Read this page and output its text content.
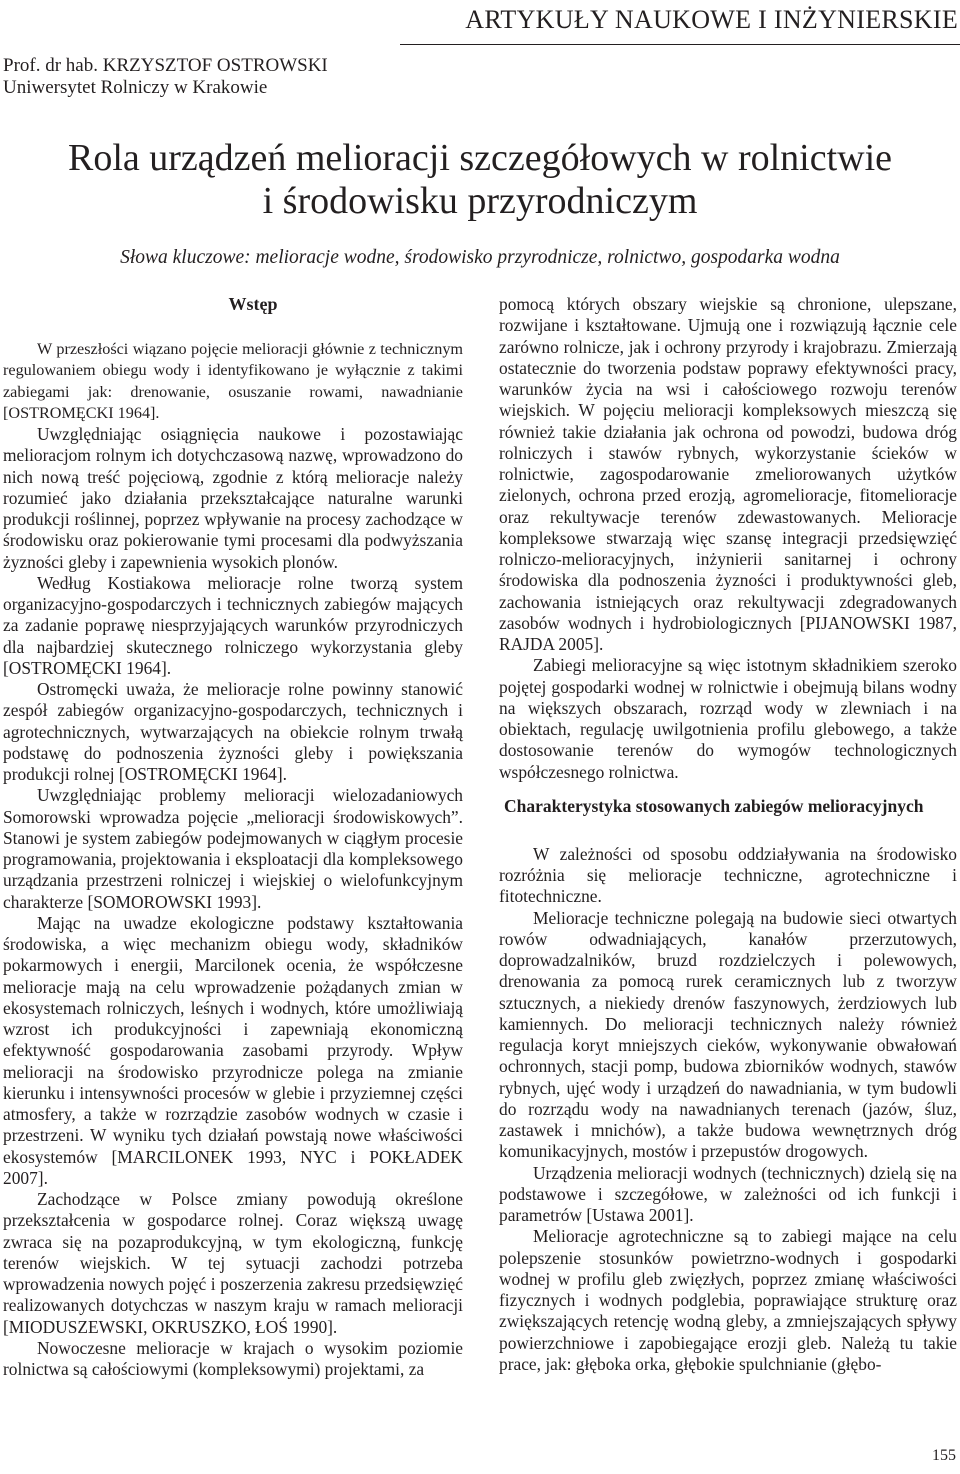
ARTYKUŁY NAUKOWE I INŻYNIERSKIE
Prof. dr hab. KRZYSZTOF OSTROWSKI
Uniwersytet Rolniczy w Krakowie
Rola urządzeń melioracji szczegółowych w rolnictwie
i środowisku przyrodniczym
Słowa kluczowe: melioracje wodne, środowisko przyrodnicze, rolnictwo, gospodarka wodna
Wstęp

W przeszłości wiązano pojęcie melioracji głównie z technicznym regulowaniem obiegu wody i identyfikowano je wyłącznie z takimi zabiegami jak: drenowanie, osuszanie rowami, nawadnianie [OSTROMĘCKI 1964].

Uwzględniając osiągnięcia naukowe i pozostawiając melioracjom rolnym ich dotychczasową nazwę, wprowadzono do nich nową treść pojęciową, zgodnie z którą melioracje należy rozumieć jako działania przekształcające naturalne warunki produkcji roślinnej, poprzez wpływanie na procesy zachodzące w środowisku oraz pokierowanie tymi procesami dla podwyższania żyzności gleby i zapewnienia wysokich plonów.

Według Kostiakowa melioracje rolne tworzą system organizacyjno-gospodarczych i technicznych zabiegów mających za zadanie poprawę niesprzyjających warunków przyrodniczych dla najbardziej skutecznego rolniczego wykorzystania gleby [OSTROMĘCKI 1964].

Ostromęcki uważa, że melioracje rolne powinny stanowić zespół zabiegów organizacyjno-gospodarczych, technicznych i agrotechnicznych, wytwarzających na obiekcie rolnym trwałą podstawę do podnoszenia żyzności gleby i powiększania produkcji rolnej [OSTROMĘCKI 1964].

Uwzględniając problemy melioracji wielozadaniowych Somorowski wprowadza pojęcie „melioracji środowiskowych”. Stanowi je system zabiegów podejmowanych w ciągłym procesie programowania, projektowania i eksploatacji dla kompleksowego urządzania przestrzeni rolniczej i wiejskiej o wielofunkcyjnym charakterze [SOMOROWSKI 1993].

Mając na uwadze ekologiczne podstawy kształtowania środowiska, a więc mechanizm obiegu wody, składników pokarmowych i energii, Marcilonek ocenia, że współczesne melioracje mają na celu wprowadzenie pożądanych zmian w ekosystemach rolniczych, leśnych i wodnych, które umożliwiają wzrost ich produkcyjności i zapewniają ekonomiczną efektywność gospodarowania zasobami przyrody. Wpływ melioracji na środowisko przyrodnicze polega na zmianie kierunku i intensywności procesów w glebie i przyziemnej części atmosfery, a także w rozrządzie zasobów wodnych w czasie i przestrzeni. W wyniku tych działań powstają nowe właściwości ekosystemów [MARCILONEK 1993, NYC i POKŁADEK 2007].

Zachodzące w Polsce zmiany powodują określone przekształcenia w gospodarce rolnej. Coraz większą uwagę zwraca się na pozaprodukcyjną, w tym ekologiczną, funkcję terenów wiejskich. W tej sytuacji zachodzi potrzeba wprowadzenia nowych pojęć i poszerzenia zakresu przedsięwzięć realizowanych dotychczas w naszym kraju w ramach melioracji [MIODUSZEWSKI, OKRUSZKO, ŁOŚ 1990].

Nowoczesne melioracje w krajach o wysokim poziomie rolnictwa są całościowymi (kompleksowymi) projektami, za

pomocą których obszary wiejskie są chronione, ulepszane, rozwijane i kształtowane. Ujmują one i rozwiązują łącznie cele zarówno rolnicze, jak i ochrony przyrody i krajobrazu. Zmierzają ostatecznie do tworzenia podstaw poprawy efektywności pracy, warunków życia na wsi i całościowego rozwoju terenów wiejskich. W pojęciu melioracji kompleksowych mieszczą się również takie działania jak ochrona od powodzi, budowa dróg rolniczych i stawów rybnych, wykorzystanie ścieków w rolnictwie, zagospodarowanie zmeliorowanych użytków zielonych, ochrona przed erozją, agromelioracje, fitomelioracje oraz rekultywacje terenów zdewastowanych. Melioracje kompleksowe stwarzają więc szansę integracji przedsięwzięć rolniczo-melioracyjnych, inżynierii sanitarnej i ochrony środowiska dla podnoszenia żyzności i produktywności gleb, zachowania istniejących oraz rekultywacji zdegradowanych zasobów wodnych i hydrobiologicznych [PIJANOWSKI 1987, RAJDA 2005].

Zabiegi melioracyjne są więc istotnym składnikiem szeroko pojętej gospodarki wodnej w rolnictwie i obejmują bilans wodny na większych obszarach, rozrząd wody w zlewniach i na obiektach, regulację uwilgotnienia profilu glebowego, a także dostosowanie terenów do wymogów technologicznych współczesnego rolnictwa.

Charakterystyka stosowanych zabiegów melioracyjnych

W zależności od sposobu oddziaływania na środowisko rozróżnia się melioracje techniczne, agrotechniczne i fitotechniczne.

Melioracje techniczne polegają na budowie sieci otwartych rowów odwadniających, kanałów przerzutowych, doprowadzalników, bruzd rozdzielczych i polewowych, drenowania za pomocą rurek ceramicznych lub z tworzyw sztucznych, a niekiedy drenów faszynowych, żerdziowych lub kamiennych. Do melioracji technicznych należy również regulacja koryt mniejszych cieków, wykonywanie obwałowań ochronnych, stacji pomp, budowa zbiorników wodnych, stawów rybnych, ujęć wody i urządzeń do nawadniania, w tym budowli do rozrządu wody na nawadnianych terenach (jazów, śluz, zastawek i mnichów), a także budowa wewnętrznych dróg komunikacyjnych, mostów i przepustów drogowych.

Urządzenia melioracji wodnych (technicznych) dzielą się na podstawowe i szczegółowe, w zależności od ich funkcji i parametrów [Ustawa 2001].

Melioracje agrotechniczne są to zabiegi mające na celu polepszenie stosunków powietrzno-wodnych i gospodarki wodnej w profilu gleb zwięzłych, poprzez zmianę właściwości fizycznych i wodnych podglebia, poprawiające strukturę oraz zwiększających retencję wodną gleby, a zmniejszających spływy powierzchniowe i zapobiegające erozji gleb. Należą tu takie prace, jak: głęboka orka, głębokie spulchnianie (głębo-

155
